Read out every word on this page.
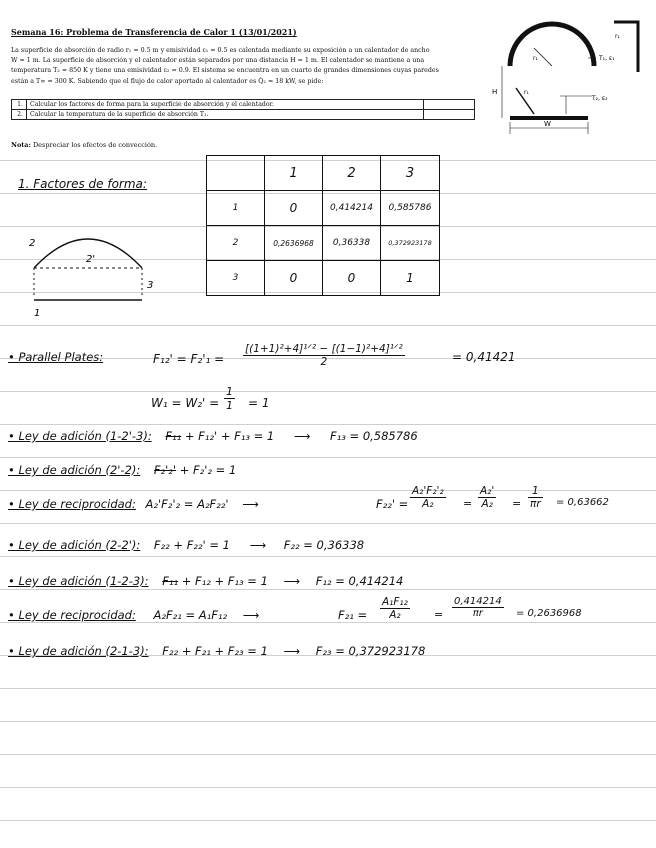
Semana 16: Problema de Transferencia de Calor 1 (13/01/2021)
La superficie de absorción de radio r₁ = 0.5 m y emisividad ε₁ = 0.5 es calentada mediante su exposición a un calentador de ancho
W = 1 m. La superficie de absorción y el calentador están separados por una distancia H = 1 m. El calentador se mantiene a una
temperatura T₂ = 850 K y tiene una emisividad ε₂ = 0.9. El sistema se encuentra en un cuarto de grandes dimensiones cuyas paredes
están a T∞ = 300 K. Sabiendo que el flujo de calor aportado al calentador es Q̇₂ = 18 kW, se pide:
1.	Calcular los factores de forma para la superficie de absorción y el calentador.	
2.	Calcular la temperatura de la superficie de absorción T₁.	
Nota: Despreciar los efectos de convección.
r₁	T₁, ε₁
r₁
r₁
T₂, ε₂
H
W
1. Factores de forma:
2
2'
3
1
	1	2	3
1	0	0,414214	0,585786
2	0,2636968	0,36338	0,372923178
3	0	0	1
• Parallel Plates:	F₁₂' = F₂'₁ =
[(1+1)²+4]¹ᐟ² − [(1−1)²+4]¹ᐟ²
2	= 0,41421
$W_1 = W_2' = \frac{1}{1} = 1$
• Ley de adición (1-2'-3): F₁₁ + F₁₂' + F₁₃ = 1 ⟶ F₁₃ = 0,585786
• Ley de adición (2'-2): F₂'₂' + F₂'₂ = 1
• Ley de reciprocidad: A₂'F₂'₂ = A₂F₂₂' ⟶	$F_{22}' = \frac{\text{A₂'F₂'₂}}{\text{A₂}} = \frac{\text{A₂'}}{\text{A₂}} = \frac{1}{\pi r} = 0,63662$
• Ley de adición (2-2'): F₂₂ + F₂₂' = 1 ⟶ F₂₂ = 0,36338
• Ley de adición (1-2-3): F₁₁ + F₁₂ + F₁₃ = 1 ⟶ F₁₂ = 0,414214
• Ley de reciprocidad: A₂F₂₁ = A₁F₁₂ ⟶	$F_{21} = \frac{\text{A₁F₁₂}}{\text{A₂}} = \frac{0,414214}{\pi r} = 0,2636968$
• Ley de adición (2-1-3): F₂₂ + F₂₁ + F₂₃ = 1 ⟶ F₂₃ = 0,372923178
